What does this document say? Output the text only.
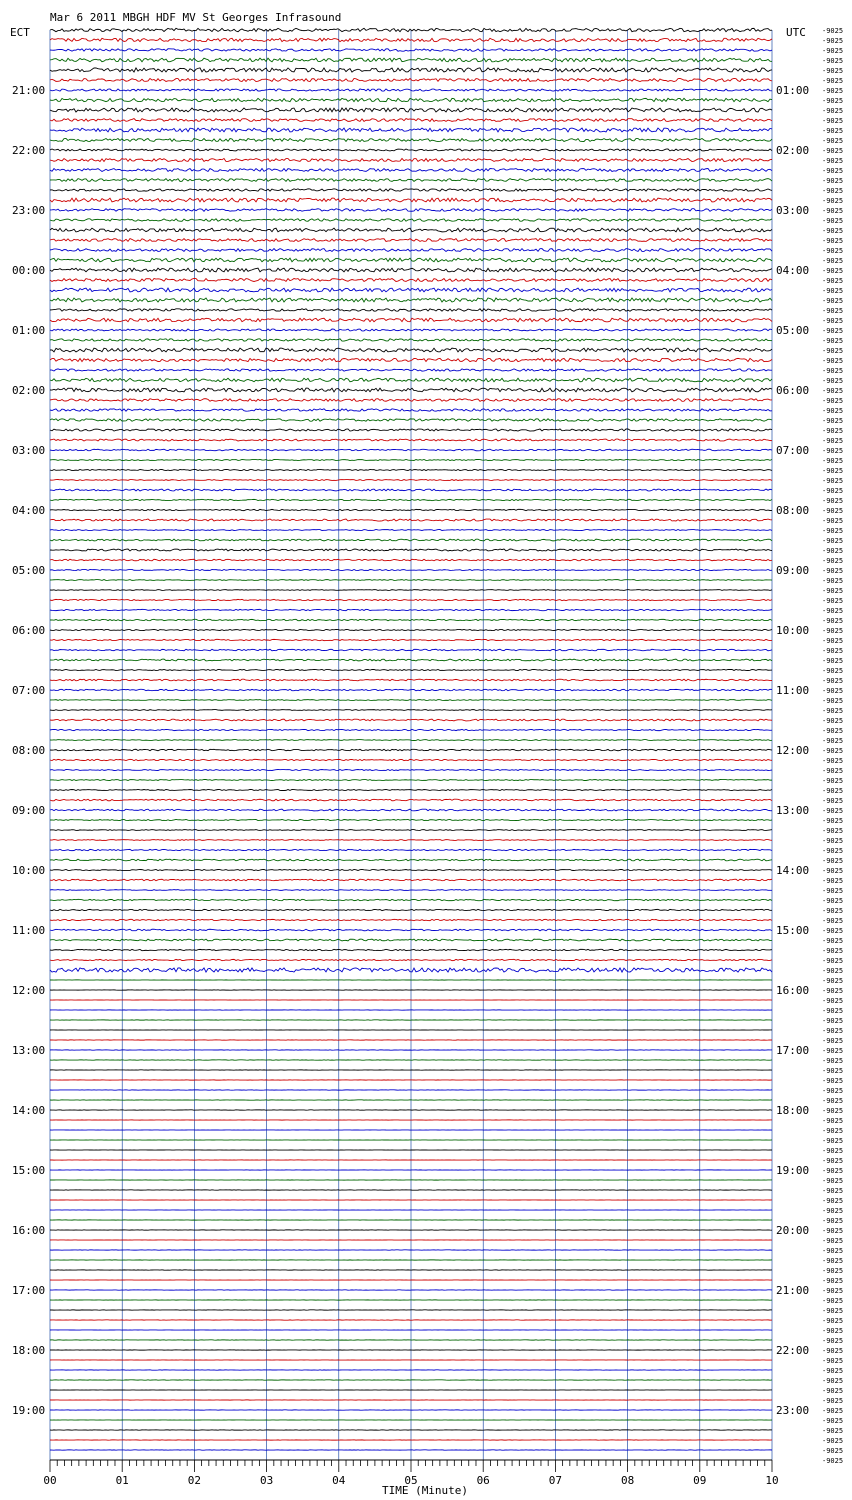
Mar 6 2011 MBGH HDF MV St Georges Infrasound
ECT	UTC
21:00
22:00
23:00
00:00
01:00
02:00
03:00
04:00
05:00
06:00
07:00
08:00
09:00
10:00
11:00
12:00
13:00
14:00
15:00
16:00
17:00
18:00
19:00
01:00
02:00
03:00
04:00
05:00
06:00
07:00
08:00
09:00
10:00
11:00
12:00
13:00
14:00
15:00
16:00
17:00
18:00
19:00
20:00
21:00
22:00
23:00
-9025
-9025
-9025
-9025
-9025
-9025
-9025
-9025
-9025
-9025
-9025
-9025
-9025
-9025
-9025
-9025
-9025
-9025
-9025
-9025
-9025
-9025
-9025
-9025
-9025
-9025
-9025
-9025
-9025
-9025
-9025
-9025
-9025
-9025
-9025
-9025
-9025
-9025
-9025
-9025
-9025
-9025
-9025
-9025
-9025
-9025
-9025
-9025
-9025
-9025
-9025
-9025
-9025
-9025
-9025
-9025
-9025
-9025
-9025
-9025
-9025
-9025
-9025
-9025
-9025
-9025
-9025
-9025
-9025
-9025
-9025
-9025
-9025
-9025
-9025
-9025
-9025
-9025
-9025
-9025
-9025
-9025
-9025
-9025
-9025
-9025
-9025
-9025
-9025
-9025
-9025
-9025
-9025
-9025
-9025
-9025
-9025
-9025
-9025
-9025
-9025
-9025
-9025
-9025
-9025
-9025
-9025
-9025
-9025
-9025
-9025
-9025
-9025
-9025
-9025
-9025
-9025
-9025
-9025
-9025
-9025
-9025
-9025
-9025
-9025
-9025
-9025
-9025
-9025
-9025
-9025
-9025
-9025
-9025
-9025
-9025
-9025
-9025
-9025
-9025
-9025
-9025
-9025
-9025
00	01	02	03	04	05	06	07	08	09	10
TIME (Minute)
